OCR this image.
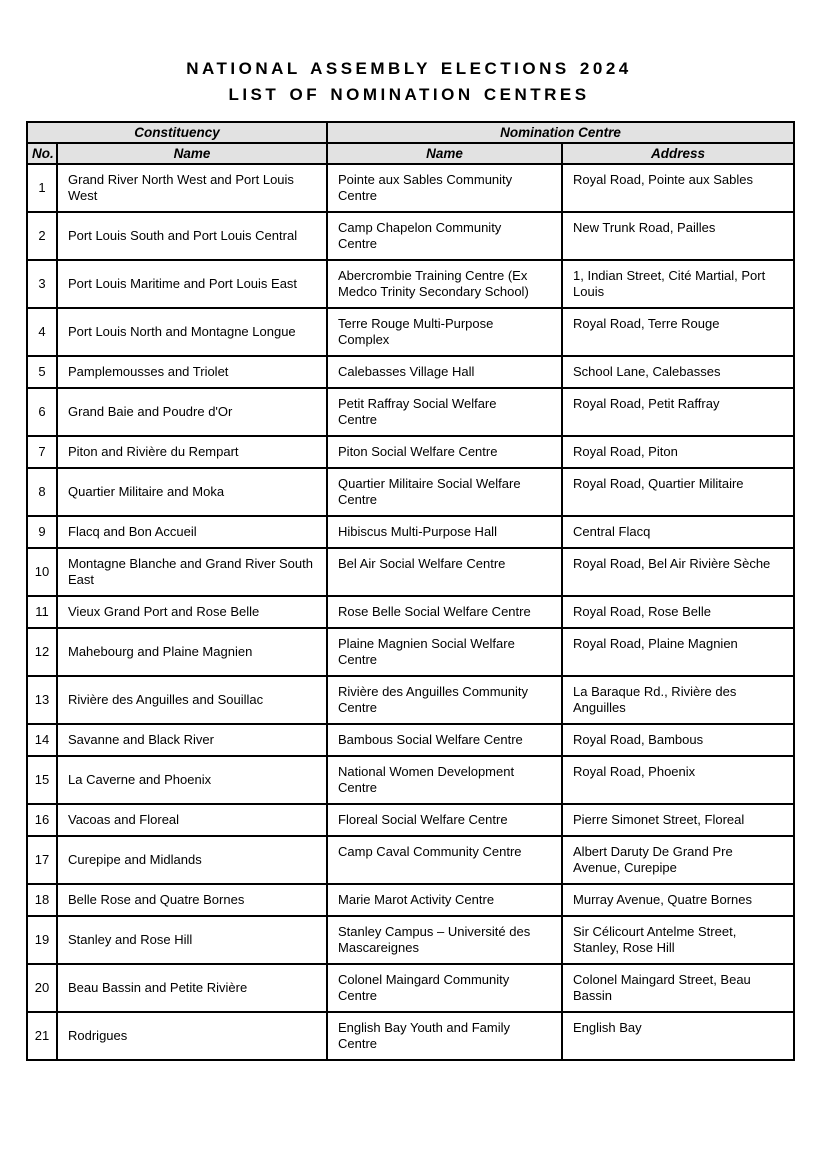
NATIONAL ASSEMBLY ELECTIONS 2024
LIST OF NOMINATION CENTRES
Constituency		Nomination Centre	
No.	Name	Name	Address
1	Grand River North West and Port Louis West	Pointe aux Sables Community Centre	Royal Road, Pointe aux Sables
2	Port Louis South and Port Louis Central	Camp Chapelon Community Centre	New Trunk Road, Pailles
3	Port Louis Maritime and Port Louis East	Abercrombie Training Centre (Ex Medco Trinity Secondary School)	1, Indian Street, Cité Martial, Port Louis
4	Port Louis North and Montagne Longue	Terre Rouge Multi-Purpose Complex	Royal Road, Terre Rouge
5	Pamplemousses and Triolet	Calebasses Village Hall	School Lane, Calebasses
6	Grand Baie and Poudre d'Or	Petit Raffray Social Welfare Centre	Royal Road, Petit Raffray
7	Piton and Rivière du Rempart	Piton Social Welfare Centre	Royal Road, Piton
8	Quartier Militaire and Moka	Quartier Militaire Social Welfare Centre	Royal Road, Quartier Militaire
9	Flacq and Bon Accueil	Hibiscus Multi-Purpose Hall	Central Flacq
10	Montagne Blanche and Grand River South East	Bel Air Social Welfare Centre	Royal Road, Bel Air Rivière Sèche
11	Vieux Grand Port and Rose Belle	Rose Belle Social Welfare Centre	Royal Road, Rose Belle
12	Mahebourg and Plaine Magnien	Plaine Magnien Social Welfare Centre	Royal Road, Plaine Magnien
13	Rivière des Anguilles and Souillac	Rivière des Anguilles Community Centre	La Baraque Rd., Rivière des Anguilles
14	Savanne and Black River	Bambous Social Welfare Centre	Royal Road, Bambous
15	La Caverne and Phoenix	National Women Development Centre	Royal Road, Phoenix
16	Vacoas and Floreal	Floreal Social Welfare Centre	Pierre Simonet Street, Floreal
17	Curepipe and Midlands	Camp Caval Community Centre	Albert Daruty De Grand Pre Avenue, Curepipe
18	Belle Rose and Quatre Bornes	Marie Marot Activity Centre	Murray Avenue, Quatre Bornes
19	Stanley and Rose Hill	Stanley Campus – Université des Mascareignes	Sir Célicourt Antelme Street, Stanley, Rose Hill
20	Beau Bassin and Petite Rivière	Colonel Maingard Community Centre	Colonel Maingard Street, Beau Bassin
21	Rodrigues	English Bay Youth and Family Centre	English Bay
